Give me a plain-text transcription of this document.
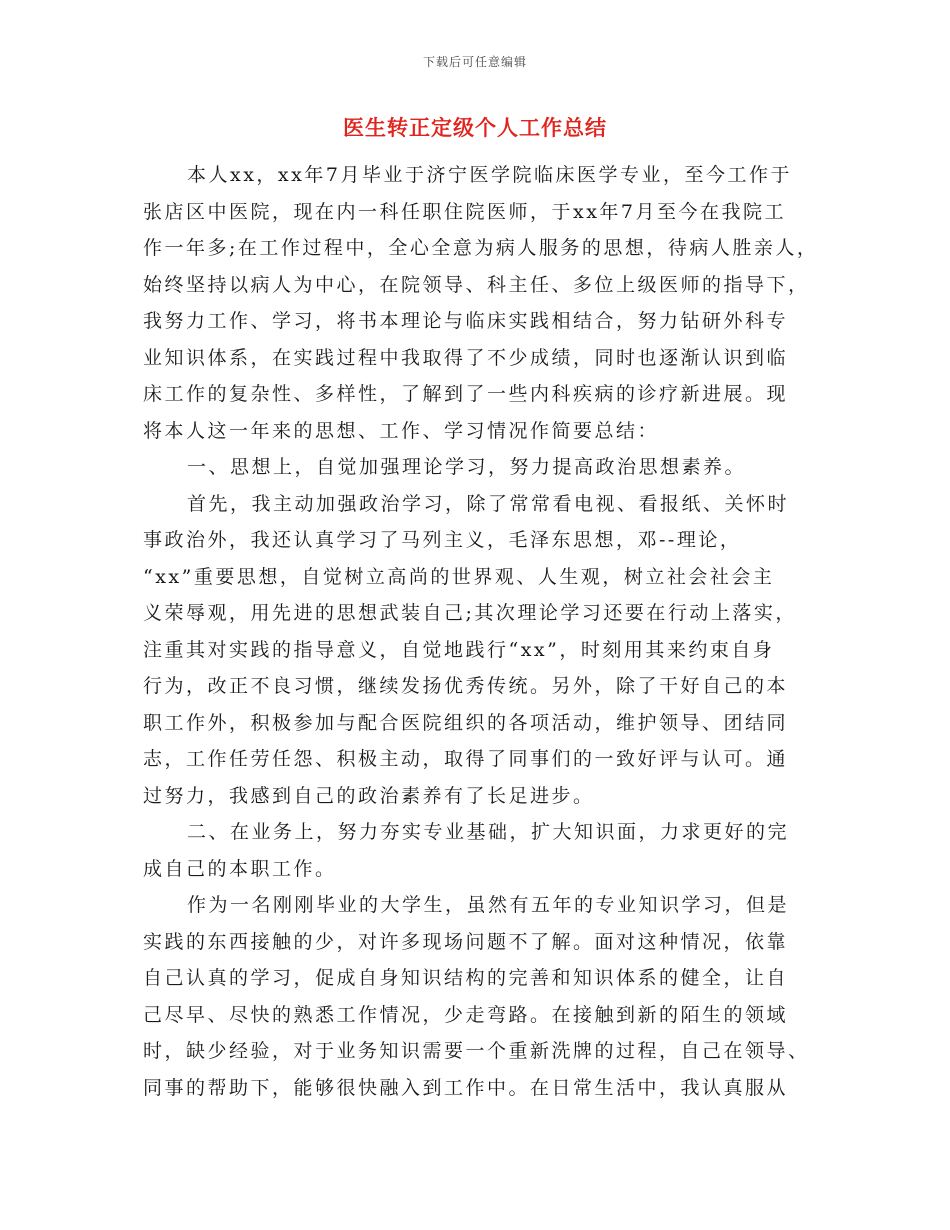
下载后可任意编辑
医生转正定级个人工作总结
本人xx，xx年7月毕业于济宁医学院临床医学专业，至今工作于
张店区中医院，现在内一科任职住院医师，于xx年7月至今在我院工
作一年多;在工作过程中，全心全意为病人服务的思想，待病人胜亲人，
始终坚持以病人为中心，在院领导、科主任、多位上级医师的指导下，
我努力工作、学习，将书本理论与临床实践相结合，努力钻研外科专
业知识体系，在实践过程中我取得了不少成绩，同时也逐渐认识到临
床工作的复杂性、多样性，了解到了一些内科疾病的诊疗新进展。现
将本人这一年来的思想、工作、学习情况作简要总结：
一、思想上，自觉加强理论学习，努力提高政治思想素养。
首先，我主动加强政治学习，除了常常看电视、看报纸、关怀时
事政治外，我还认真学习了马列主义，毛泽东思想，邓--理论，
“xx”重要思想，自觉树立高尚的世界观、人生观，树立社会社会主
义荣辱观，用先进的思想武装自己;其次理论学习还要在行动上落实，
注重其对实践的指导意义，自觉地践行“xx”，时刻用其来约束自身
行为，改正不良习惯，继续发扬优秀传统。另外，除了干好自己的本
职工作外，积极参加与配合医院组织的各项活动，维护领导、团结同
志，工作任劳任怨、积极主动，取得了同事们的一致好评与认可。通
过努力，我感到自己的政治素养有了长足进步。
二、在业务上，努力夯实专业基础，扩大知识面，力求更好的完
成自己的本职工作。
作为一名刚刚毕业的大学生，虽然有五年的专业知识学习，但是
实践的东西接触的少，对许多现场问题不了解。面对这种情况，依靠
自己认真的学习，促成自身知识结构的完善和知识体系的健全，让自
己尽早、尽快的熟悉工作情况，少走弯路。在接触到新的陌生的领域
时，缺少经验，对于业务知识需要一个重新洗牌的过程，自己在领导、
同事的帮助下，能够很快融入到工作中。在日常生活中，我认真服从
